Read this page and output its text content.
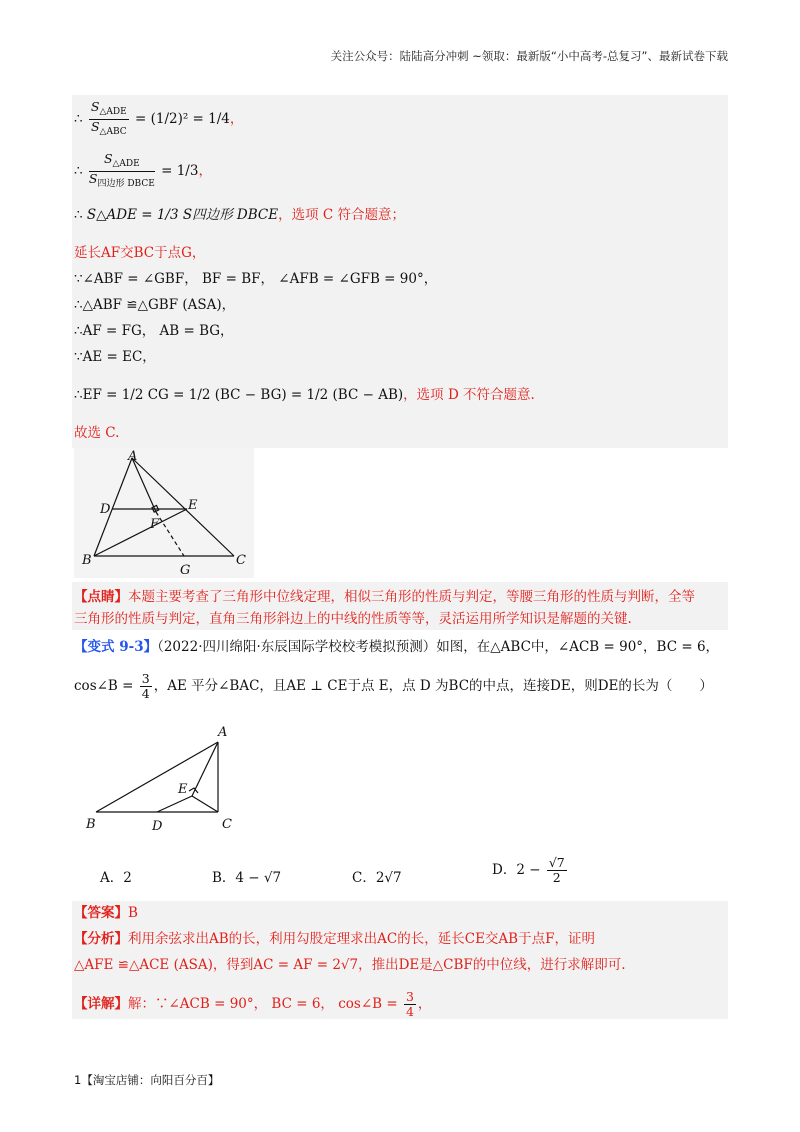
关注公众号：陆陆高分冲刺 ~领取：最新版“小中高考-总复习”、最新试卷下载
∴ $\frac{S_{\triangle ADE}}{S_{\triangle ABC}} = (1/2)^2 = 1/4$，
∴ $\frac{S_{\triangle ADE}}{S_{四边形 DBCE}} = 1/3$，
∴ S△ADE = 1/3 S四边形 DBCE，选项 C 符合题意；
延长AF交BC于点G，
∵∠ABF = ∠GBF， BF = BF， ∠AFB = ∠GFB = 90°，
∴△ABF ≌△GBF (ASA)，
∴AF = FG， AB = BG，
∵AE = EC，
∴EF = 1/2 CG = 1/2 (BC − BG) = 1/2 (BC − AB)，选项 D 不符合题意.
故选 C.
A
D	E
F
B	C
G
【点睛】本题主要考查了三角形中位线定理，相似三角形的性质与判定，等腰三角形的性质与判断，全等
三角形的性质与判定，直角三角形斜边上的中线的性质等等，灵活运用所学知识是解题的关键.
【变式 9-3】（2022·四川绵阳·东辰国际学校校考模拟预测）如图，在△ABC中，∠ACB = 90°，BC = 6，
cos∠B = $\frac{3}{4}$ ，AE 平分∠BAC，且AE ⊥ CE于点 E，点 D 为BC的中点，连接DE，则DE的长为（　　）
A
E
B	D	C
A．2	B．4 − √7	C．2√7	D．$2 - \frac{√7}{2}$
【答案】B
【分析】利用余弦求出AB的长，利用勾股定理求出AC的长，延长CE交AB于点F，证明
△AFE ≌△ACE (ASA)，得到AC = AF = 2√7，推出DE是△CBF的中位线，进行求解即可.
【详解】解：∵∠ACB = 90°， BC = 6， cos∠B = $\frac{3}{4}$ ，
1【淘宝店铺：向阳百分百】
